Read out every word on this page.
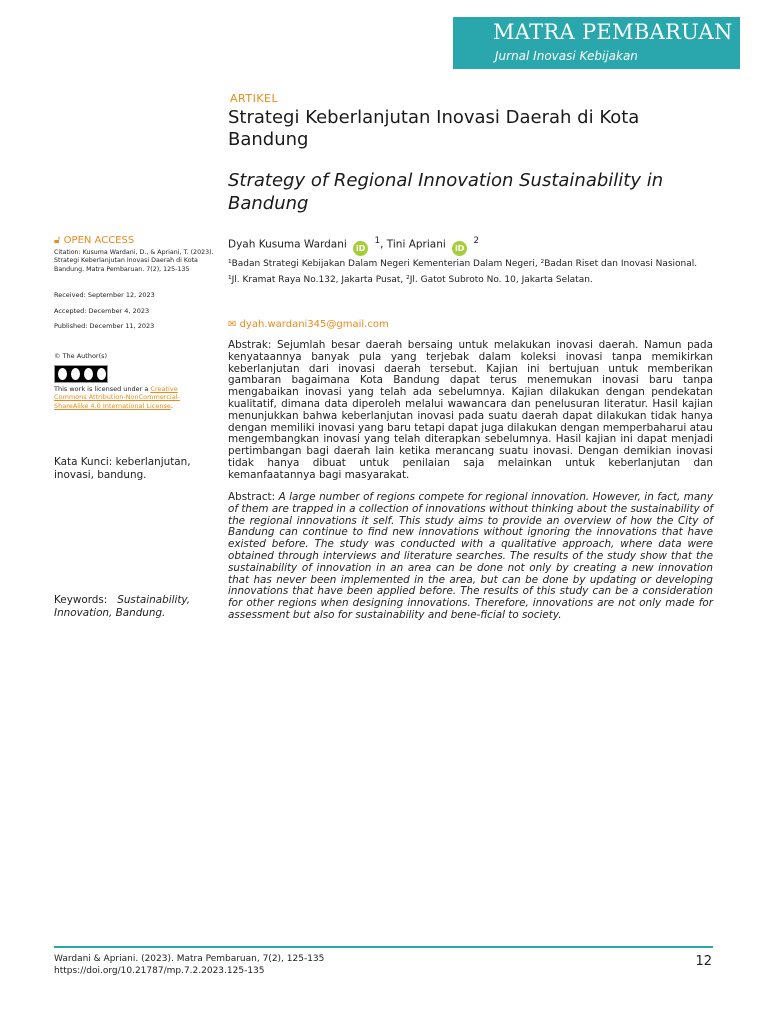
MATRA PEMBARUAN
Jurnal Inovasi Kebijakan
ARTIKEL
Strategi Keberlanjutan Inovasi Daerah di Kota Bandung
Strategy of Regional Innovation Sustainability in Bandung
Dyah Kusuma Wardani iD $^1$, Tini Apriani iD $^2$
¹Badan Strategi Kebijakan Dalam Negeri Kementerian Dalam Negeri, ²Badan Riset dan Inovasi Nasional.
¹Jl. Kramat Raya No.132, Jakarta Pusat, ²Jl. Gatot Subroto No. 10, Jakarta Selatan.
✉ dyah.wardani345@gmail.com
Abstrak: Sejumlah besar daerah bersaing untuk melakukan inovasi daerah. Namun pada kenyataannya banyak pula yang terjebak dalam koleksi inovasi tanpa memikirkan keberlanjutan dari inovasi daerah tersebut. Kajian ini bertujuan untuk memberikan gambaran bagaimana Kota Bandung dapat terus menemukan inovasi baru tanpa mengabaikan inovasi yang telah ada sebelumnya. Kajian dilakukan dengan pendekatan kualitatif, dimana data diperoleh melalui wawancara dan penelusuran literatur. Hasil kajian menunjukkan bahwa keberlanjutan inovasi pada suatu daerah dapat dilakukan tidak hanya dengan memiliki inovasi yang baru tetapi dapat juga dilakukan dengan memperbaharui atau mengembangkan inovasi yang telah diterapkan sebelumnya. Hasil kajian ini dapat menjadi pertimbangan bagi daerah lain ketika merancang suatu inovasi. Dengan demikian inovasi tidak hanya dibuat untuk penilaian saja melainkan untuk keberlanjutan dan kemanfaatannya bagi masyarakat.
Abstract: A large number of regions compete for regional innovation. However, in fact, many of them are trapped in a collection of innovations without thinking about the sustainability of the regional innovations it self. This study aims to provide an overview of how the City of Bandung can continue to find new innovations without ignoring the innovations that have existed before. The study was conducted with a qualitative approach, where data were obtained through interviews and literature searches. The results of the study show that the sustainability of innovation in an area can be done not only by creating a new innovation that has never been implemented in the area, but can be done by updating or developing innovations that have been applied before. The results of this study can be a consideration for other regions when designing innovations. Therefore, innovations are not only made for assessment but also for sustainability and bene-ficial to society.
🔓︎ OPEN ACCESS
Citation: Kusuma Wardani, D., & Apriani, T. (2023). Strategi Keberlanjutan Inovasi Daerah di Kota Bandung. Matra Pembaruan. 7(2), 125-135
Received: September 12, 2023
Accepted: December 4, 2023
Published: December 11, 2023
© The Author(s)
This work is licensed under a Creative Commons Attribution-NonCommercial-ShareAlike 4.0 International License.
Kata Kunci: keberlanjutan, inovasi, bandung.
Keywords: Sustainability, Innovation, Bandung.
Wardani & Apriani. (2023). Matra Pembaruan, 7(2), 125-135
https://doi.org/10.21787/mp.7.2.2023.125-135
12
